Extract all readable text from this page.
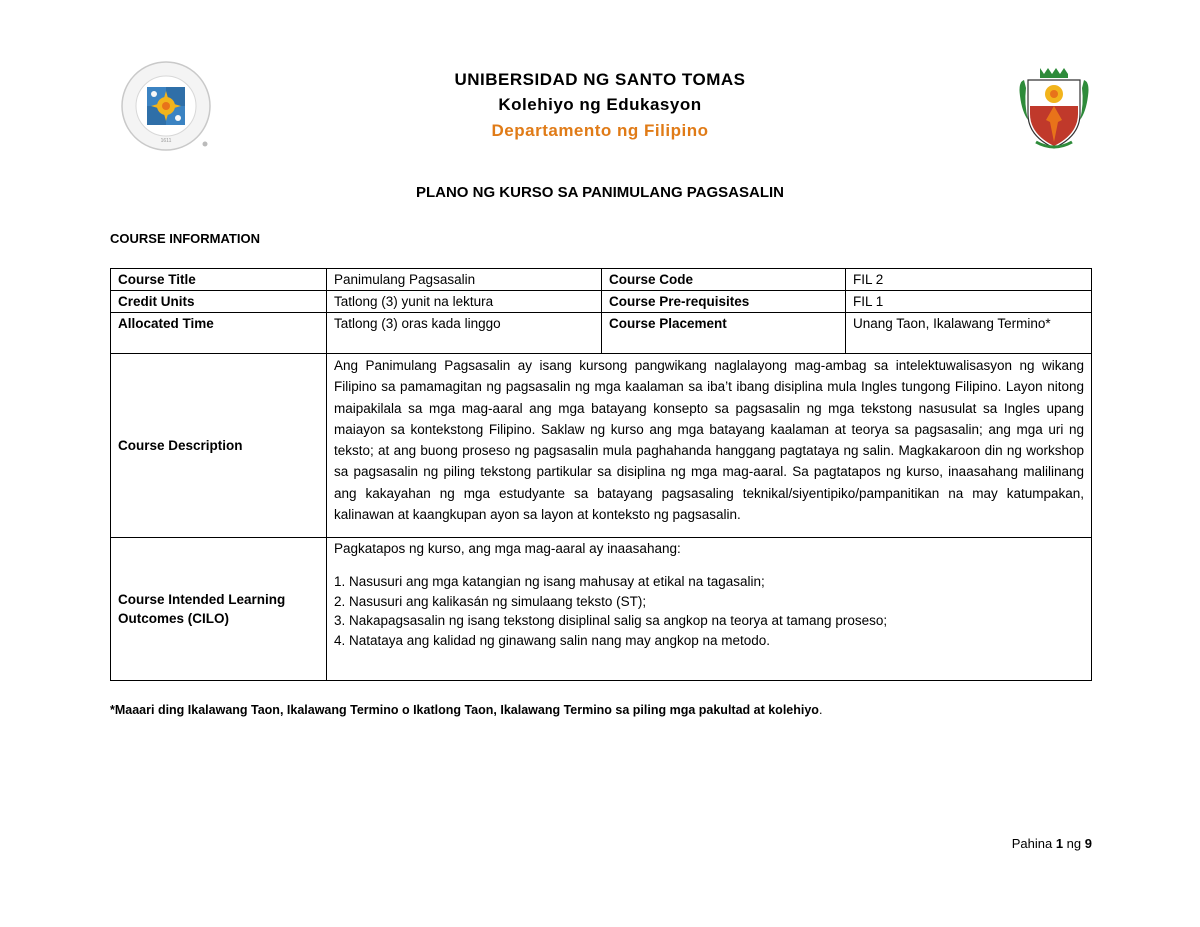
1611
UNIBERSIDAD NG SANTO TOMAS
Kolehiyo ng Edukasyon
Departamento ng Filipino
PLANO NG KURSO SA PANIMULANG PAGSASALIN
COURSE INFORMATION
Course Title	Panimulang Pagsasalin	Course Code	FIL 2
Credit Units	Tatlong (3) yunit na lektura	Course Pre-requisites	FIL 1
Allocated Time	Tatlong (3) oras kada linggo	Course Placement	Unang Taon, Ikalawang Termino*
Course Description	Ang Panimulang Pagsasalin ay isang kursong pangwikang naglalayong mag-ambag sa intelektuwalisasyon ng wikang Filipino sa pamamagitan ng pagsasalin ng mga kaalaman sa iba’t ibang disiplina mula Ingles tungong Filipino. Layon nitong maipakilala sa mga mag-aaral ang mga batayang konsepto sa pagsasalin ng mga tekstong nasusulat sa Ingles upang maiayon sa kontekstong Filipino. Saklaw ng kurso ang mga batayang kaalaman at teorya sa pagsasalin; ang mga uri ng teksto; at ang buong proseso ng pagsasalin mula paghahanda hanggang pagtataya ng salin. Magkakaroon din ng workshop sa pagsasalin ng piling tekstong partikular sa disiplina ng mga mag-aaral. Sa pagtatapos ng kurso, inaasahang malilinang ang kakayahan ng mga estudyante sa batayang pagsasaling teknikal/siyentipiko/pampanitikan na may katumpakan, kalinawan at kaangkupan ayon sa layon at konteksto ng pagsasalin.		

Course Intended Learning Outcomes (CILO)	Pagkatapos ng kurso, ang mga mag-aaral ay inaasahang:

1. Nasusuri ang mga katangian ng isang mahusay at etikal na tagasalin;

2. Nasusuri ang kalikasán ng simulaang teksto (ST);

3. Nakapagsasalin ng isang tekstong disiplinal salig sa angkop na teorya at tamang proseso;

4. Natataya ang kalidad ng ginawang salin nang may angkop na metodo.		

*Maaari ding Ikalawang Taon, Ikalawang Termino o Ikatlong Taon, Ikalawang Termino sa piling mga pakultad at kolehiyo.
Pahina 1 ng 9
